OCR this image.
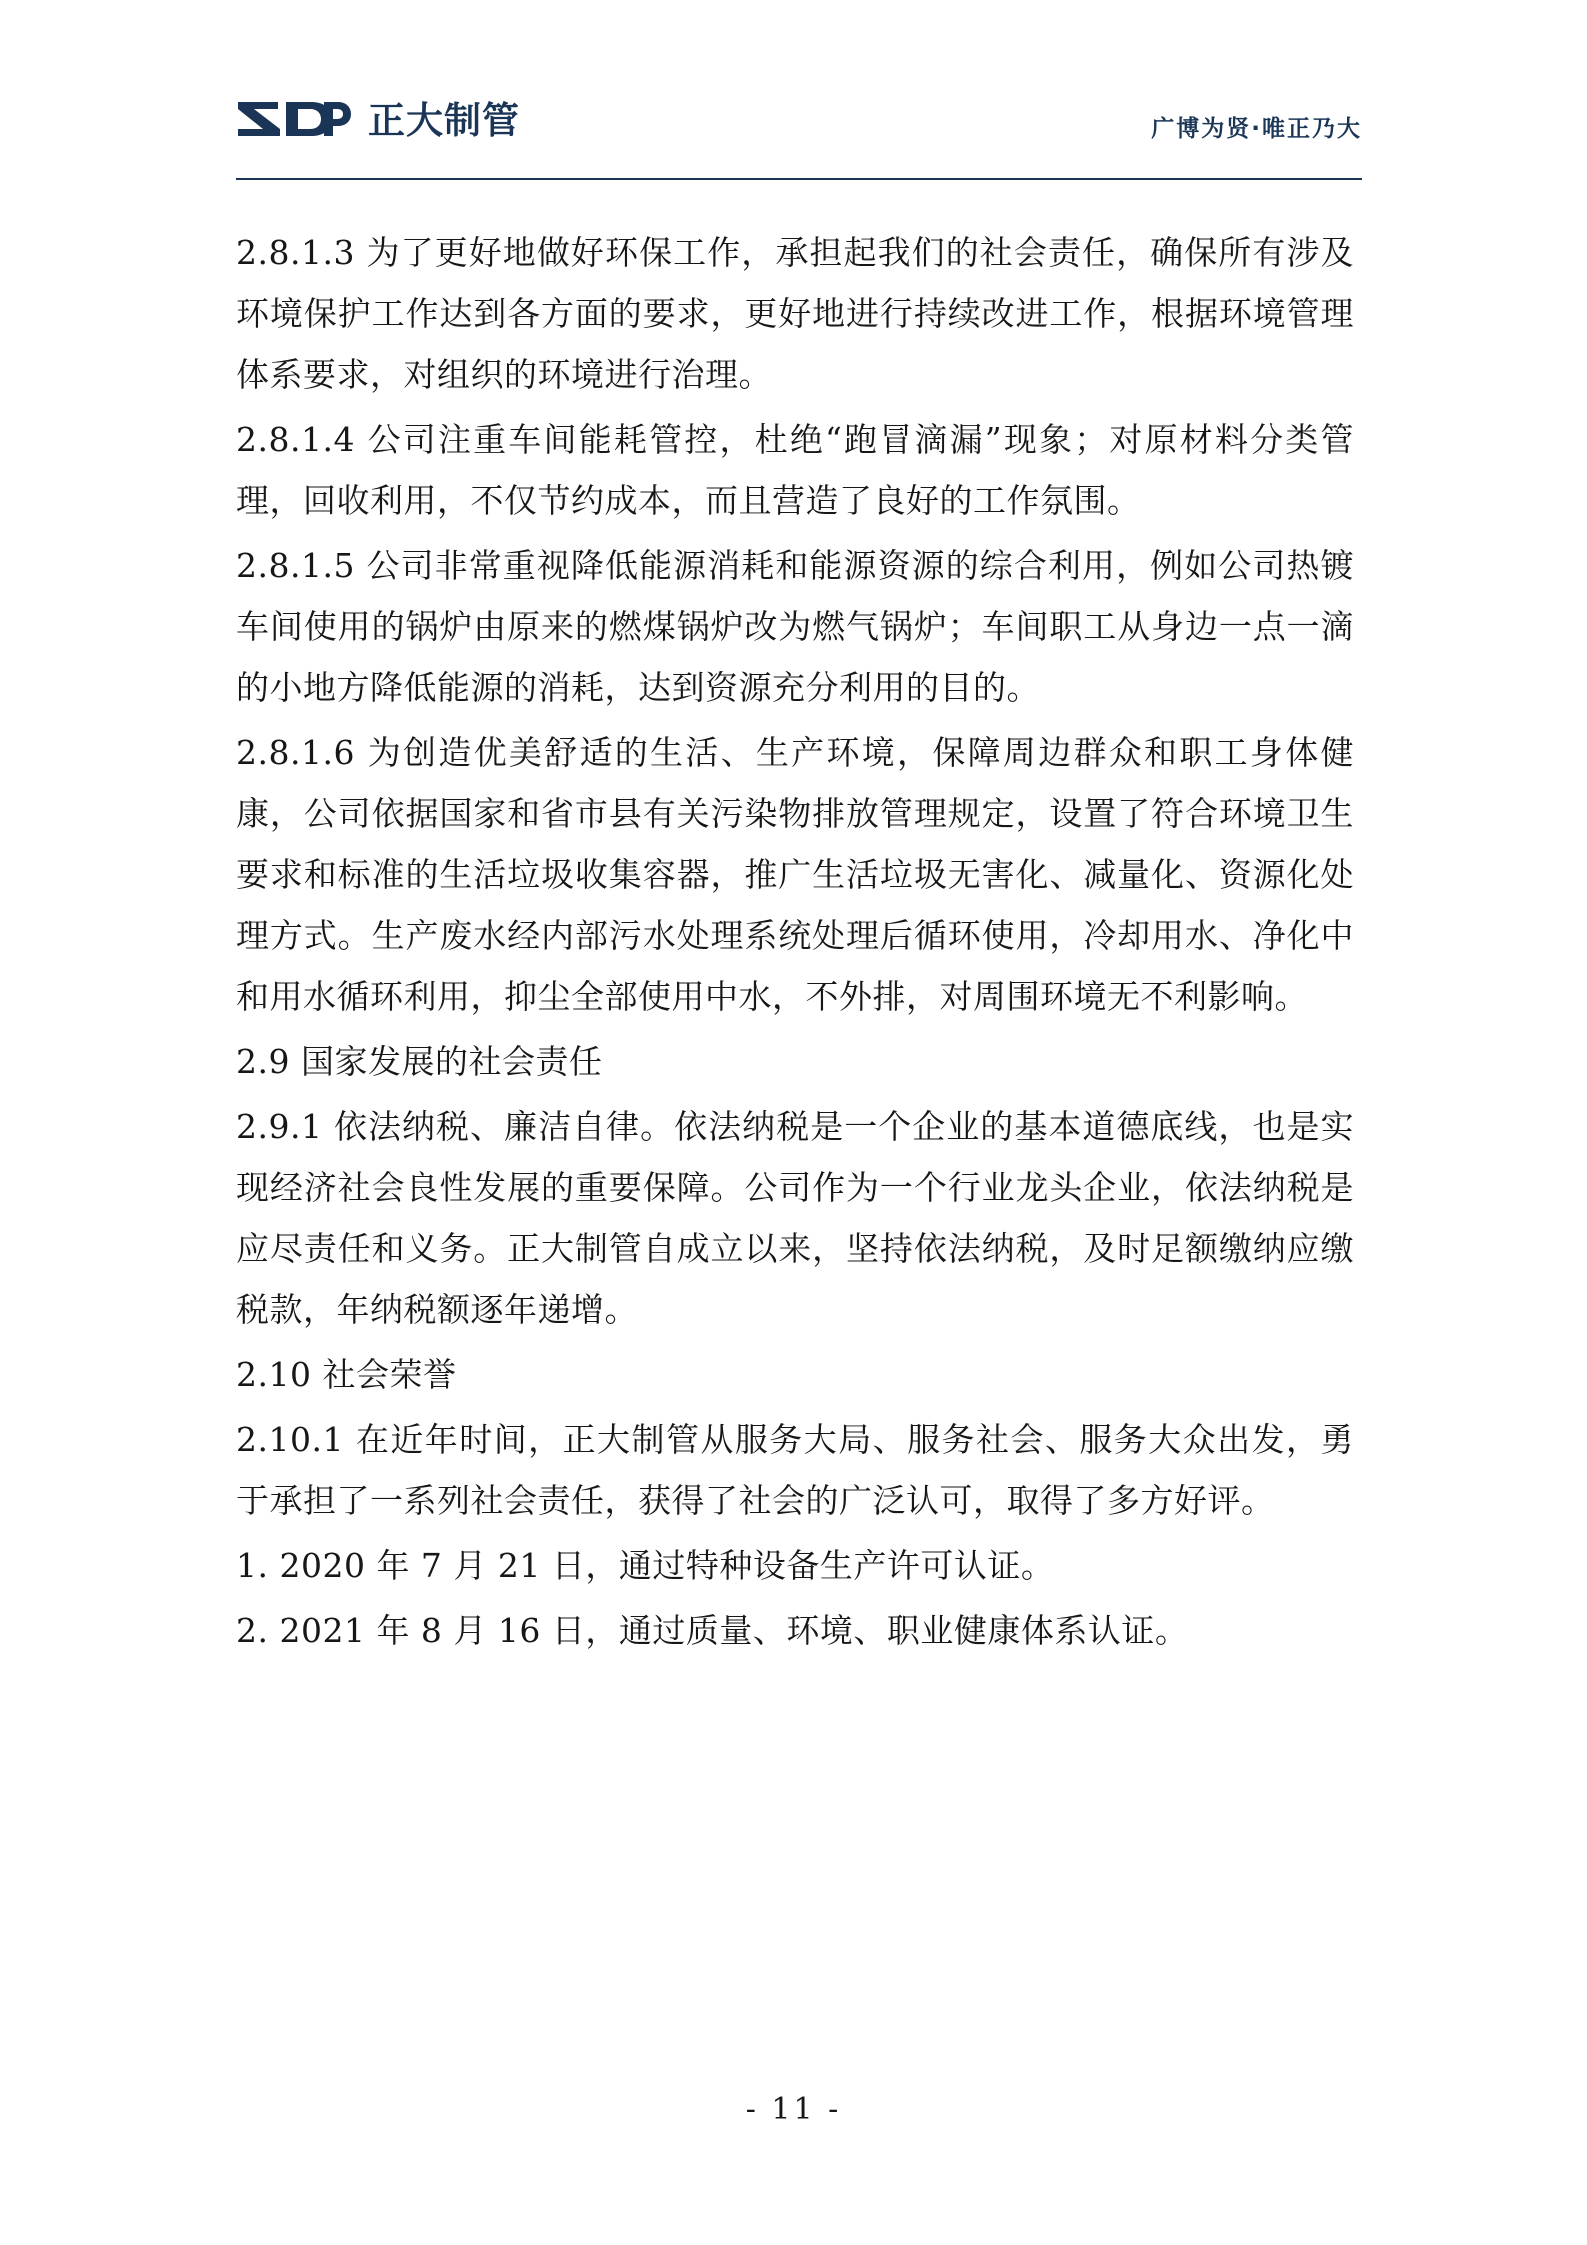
正大制管	广博为贤·唯正乃大

2.8.1.3 为了更好地做好环保工作，承担起我们的社会责任，确保所有涉及环境保护工作达到各方面的要求，更好地进行持续改进工作，根据环境管理体系要求，对组织的环境进行治理。

2.8.1.4 公司注重车间能耗管控，杜绝“跑冒滴漏”现象；对原材料分类管理，回收利用，不仅节约成本，而且营造了良好的工作氛围。

2.8.1.5 公司非常重视降低能源消耗和能源资源的综合利用，例如公司热镀车间使用的锅炉由原来的燃煤锅炉改为燃气锅炉；车间职工从身边一点一滴的小地方降低能源的消耗，达到资源充分利用的目的。

2.8.1.6 为创造优美舒适的生活、生产环境，保障周边群众和职工身体健康，公司依据国家和省市县有关污染物排放管理规定，设置了符合环境卫生要求和标准的生活垃圾收集容器，推广生活垃圾无害化、减量化、资源化处理方式。生产废水经内部污水处理系统处理后循环使用，冷却用水、净化中和用水循环利用，抑尘全部使用中水，不外排，对周围环境无不利影响。

2.9 国家发展的社会责任

2.9.1 依法纳税、廉洁自律。依法纳税是一个企业的基本道德底线，也是实现经济社会良性发展的重要保障。公司作为一个行业龙头企业，依法纳税是应尽责任和义务。正大制管自成立以来，坚持依法纳税，及时足额缴纳应缴税款，年纳税额逐年递增。

2.10 社会荣誉

2.10.1 在近年时间，正大制管从服务大局、服务社会、服务大众出发，勇于承担了一系列社会责任，获得了社会的广泛认可，取得了多方好评。

1. 2020 年 7 月 21 日，通过特种设备生产许可认证。

2. 2021 年 8 月 16 日，通过质量、环境、职业健康体系认证。

- 11 -
